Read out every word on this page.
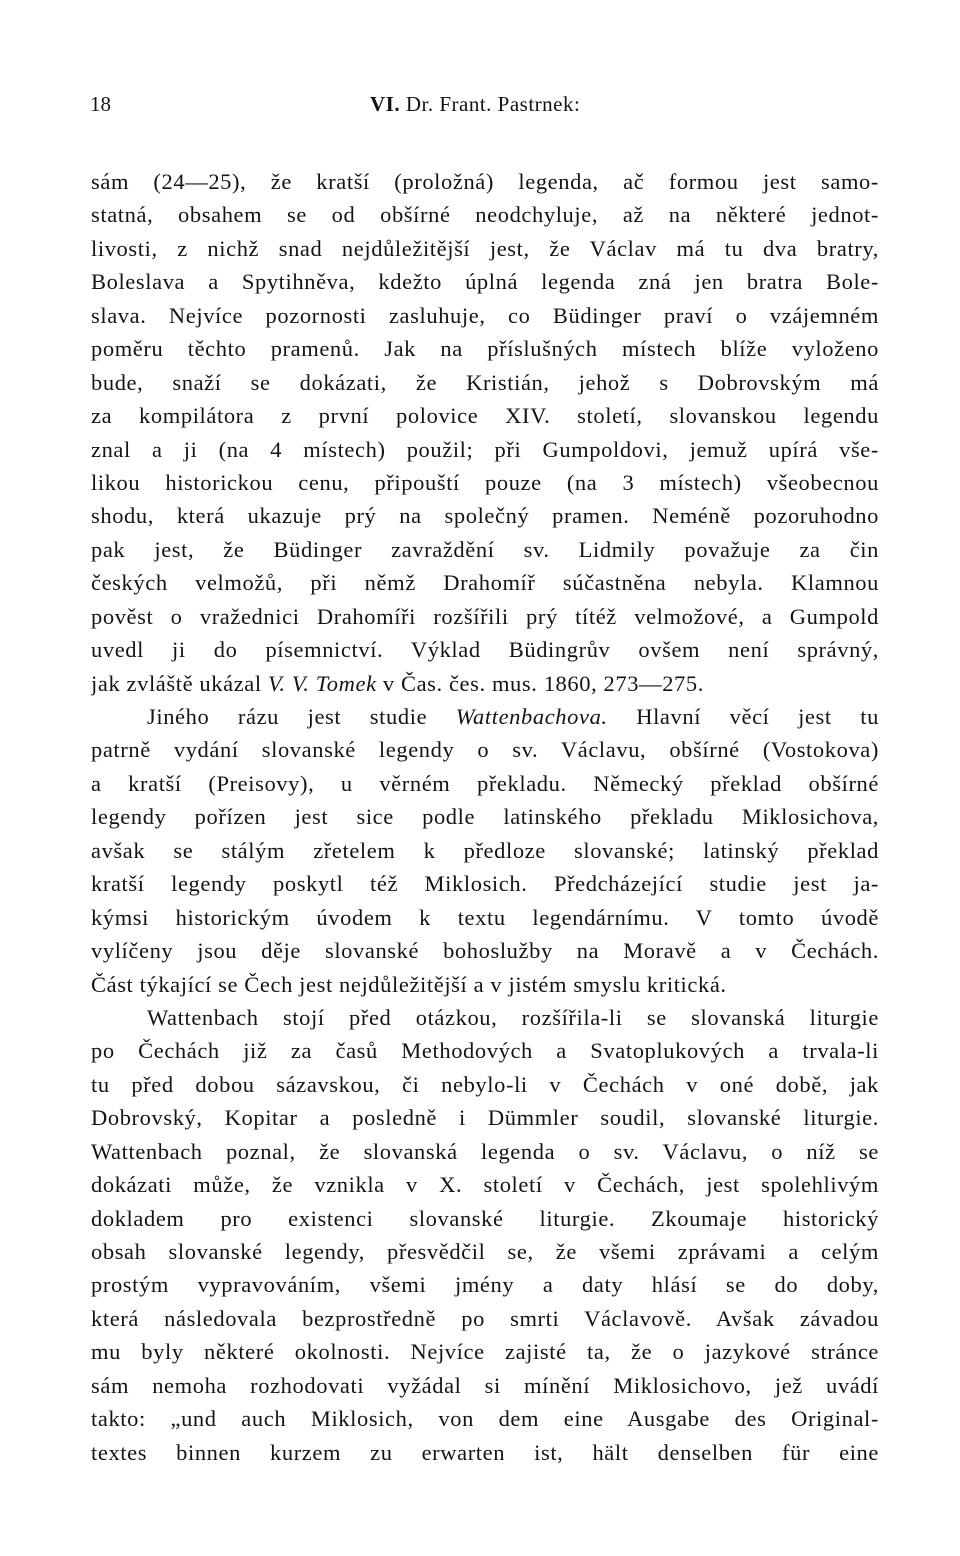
18	VI. Dr. Frant. Pastrnek:
sám (24—25), že kratší (proložná) legenda, ač formou jest samo-
statná, obsahem se od obšírné neodchyluje, až na některé jednot-
livosti, z nichž snad nejdůležitější jest, že Václav má tu dva bratry,
Boleslava a Spytihněva, kdežto úplná legenda zná jen bratra Bole-
slava. Nejvíce pozornosti zasluhuje, co Büdinger praví o vzájemném
poměru těchto pramenů. Jak na příslušných místech blíže vyloženo
bude, snaží se dokázati, že Kristián, jehož s Dobrovským má
za kompilátora z první polovice XIV. století, slovanskou legendu
znal a ji (na 4 místech) použil; při Gumpoldovi, jemuž upírá vše-
likou historickou cenu, připouští pouze (na 3 místech) všeobecnou
shodu, která ukazuje prý na společný pramen. Neméně pozoruhodno
pak jest, že Büdinger zavraždění sv. Lidmily považuje za čin
českých velmožů, při němž Drahomíř súčastněna nebyla. Klamnou
pověst o vražednici Drahomíři rozšířili prý títéž velmožové, a Gumpold
uvedl ji do písemnictví. Výklad Büdingrův ovšem není správný,
jak zvláště ukázal V. V. Tomek v Čas. čes. mus. 1860, 273—275.
Jiného rázu jest studie Wattenbachova. Hlavní věcí jest tu
patrně vydání slovanské legendy o sv. Václavu, obšírné (Vostokova)
a kratší (Preisovy), u věrném překladu. Německý překlad obšírné
legendy pořízen jest sice podle latinského překladu Miklosichova,
avšak se stálým zřetelem k předloze slovanské; latinský překlad
kratší legendy poskytl též Miklosich. Předcházející studie jest ja-
kýmsi historickým úvodem k textu legendárnímu. V tomto úvodě
vylíčeny jsou děje slovanské bohoslužby na Moravě a v Čechách.
Část týkající se Čech jest nejdůležitější a v jistém smyslu kritická.
Wattenbach stojí před otázkou, rozšířila-li se slovanská liturgie
po Čechách již za časů Methodových a Svatoplukových a trvala-li
tu před dobou sázavskou, či nebylo-li v Čechách v oné době, jak
Dobrovský, Kopitar a posledně i Dümmler soudil, slovanské liturgie.
Wattenbach poznal, že slovanská legenda o sv. Václavu, o níž se
dokázati může, že vznikla v X. století v Čechách, jest spolehlivým
dokladem pro existenci slovanské liturgie. Zkoumaje historický
obsah slovanské legendy, přesvědčil se, že všemi zprávami a celým
prostým vypravováním, všemi jmény a daty hlásí se do doby,
která následovala bezprostředně po smrti Václavově. Avšak závadou
mu byly některé okolnosti. Nejvíce zajisté ta, že o jazykové stránce
sám nemoha rozhodovati vyžádal si mínění Miklosichovo, jež uvádí
takto: „und auch Miklosich, von dem eine Ausgabe des Original-
textes binnen kurzem zu erwarten ist, hält denselben für eine
